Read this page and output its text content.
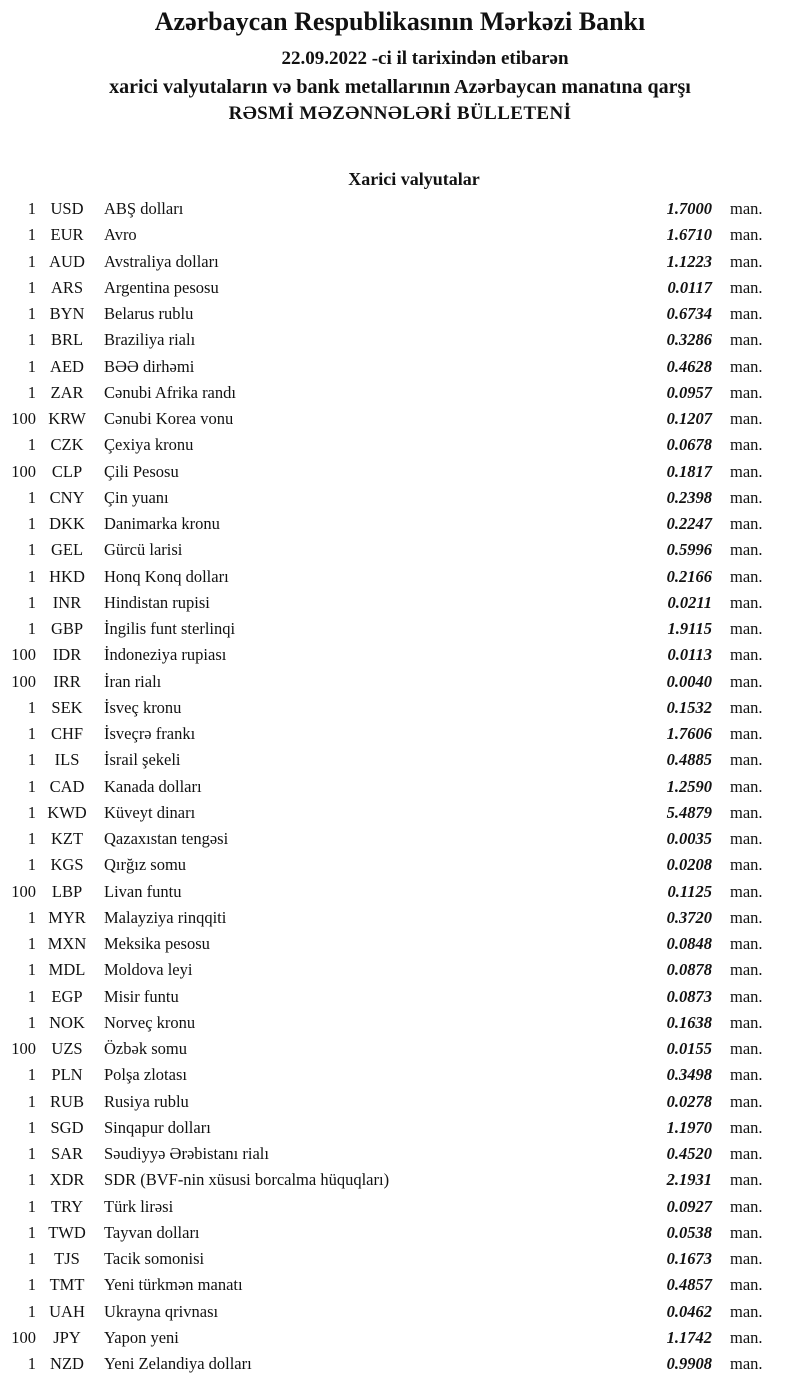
Azərbaycan Respublikasının Mərkəzi Bankı
22.09.2022 -ci il tarixindən etibarən
xarici valyutaların və bank metallarının Azərbaycan manatına qarşı
RƏSMİ MƏZƏNNƏLƏRİ BÜLLETENİ
Xarici valyutalar
1 USD	ABŞ dolları	1.7000	man.
1 EUR	Avro	1.6710	man.
1 AUD	Avstraliya dolları	1.1223	man.
1 ARS	Argentina pesosu	0.0117	man.
1 BYN	Belarus rublu	0.6734	man.
1 BRL	Braziliya rialı	0.3286	man.
1 AED	BƏƏ dirhəmi	0.4628	man.
1 ZAR	Cənubi Afrika randı	0.0957	man.
100 KRW	Cənubi Korea vonu	0.1207	man.
1 CZK	Çexiya kronu	0.0678	man.
100 CLP	Çili Pesosu	0.1817	man.
1 CNY	Çin yuanı	0.2398	man.
1 DKK	Danimarka kronu	0.2247	man.
1 GEL	Gürcü larisi	0.5996	man.
1 HKD	Honq Konq dolları	0.2166	man.
1	INR	Hindistan rupisi	0.0211	man.
1 GBP	İngilis funt sterlinqi	1.9115	man.
100	IDR	İndoneziya rupiası	0.0113	man.
100	IRR	İran rialı	0.0040	man.
1 SEK	İsveç kronu	0.1532	man.
1 CHF	İsveçrə frankı	1.7606	man.
1	ILS	İsrail şekeli	0.4885	man.
1 CAD	Kanada dolları	1.2590	man.
1 KWD	Küveyt dinarı	5.4879	man.
1 KZT	Qazaxıstan tengəsi	0.0035	man.
1 KGS	Qırğız somu	0.0208	man.
100 LBP	Livan funtu	0.1125	man.
1 MYR	Malayziya rinqqiti	0.3720	man.
1 MXN	Meksika pesosu	0.0848	man.
1 MDL	Moldova leyi	0.0878	man.
1 EGP	Misir funtu	0.0873	man.
1 NOK	Norveç kronu	0.1638	man.
100 UZS	Özbək somu	0.0155	man.
1 PLN	Polşa zlotası	0.3498	man.
1 RUB	Rusiya rublu	0.0278	man.
1 SGD	Sinqapur dolları	1.1970	man.
1 SAR	Səudiyyə Ərəbistanı rialı	0.4520	man.
1 XDR	SDR (BVF-nin xüsusi borcalma hüquqları)	2.1931	man.
1 TRY	Türk lirəsi	0.0927	man.
1 TWD	Tayvan dolları	0.0538	man.
1	TJS	Tacik somonisi	0.1673	man.
1 TMT	Yeni türkmən manatı	0.4857	man.
1 UAH	Ukrayna qrivnası	0.0462	man.
100	JPY	Yapon yeni	1.1742	man.
1 NZD	Yeni Zelandiya dolları	0.9908	man.
